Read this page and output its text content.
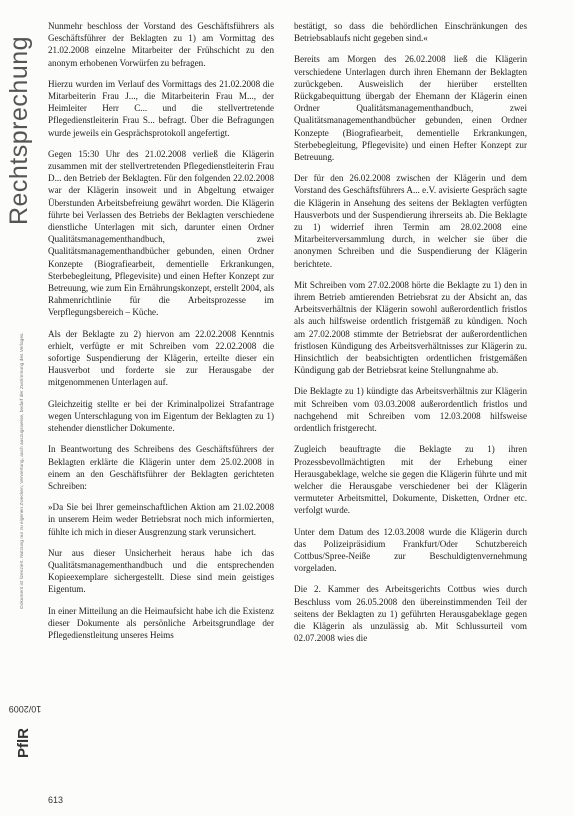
Rechtsprechung
Dokument ist lizenziert. Nutzung nur zu eigenen Zwecken; Verwertung, auch auszugsweise, bedarf der Zustimmung des Verlages.
PflR 10/2009

Nunmehr beschloss der Vorstand des Geschäftsführers als Geschäftsführer der Beklagten zu 1) am Vormittag des 21.02.2008 einzelne Mitarbeiter der Frühschicht zu den anonym erhobenen Vorwürfen zu befragen.

Hierzu wurden im Verlauf des Vormittags des 21.02.2008 die Mitarbeiterin Frau J..., die Mitarbeiterin Frau M..., der Heimleiter Herr C... und die stellvertretende Pflegedienstleiterin Frau S... befragt. Über die Befragungen wurde jeweils ein Gesprächsprotokoll angefertigt.

Gegen 15:30 Uhr des 21.02.2008 verließ die Klägerin zusammen mit der stellvertretenden Pflegedienstleiterin Frau D... den Betrieb der Beklagten. Für den folgenden 22.02.2008 war der Klägerin insoweit und in Abgeltung etwaiger Überstunden Arbeitsbefreiung gewährt worden. Die Klägerin führte bei Verlassen des Betriebs der Beklagten verschiedene dienstliche Unterlagen mit sich, darunter einen Ordner Qualitätsmanagementhandbuch, zwei Qualitätsmanagementhandbücher gebunden, einen Ordner Konzepte (Biografiearbeit, dementielle Erkrankungen, Sterbebegleitung, Pflegevisite) und einen Hefter Konzept zur Betreuung, wie zum Ein Ernährungskonzept, erstellt 2004, als Rahmenrichtlinie für die Arbeitsprozesse im Verpflegungsbereich – Küche.

Als der Beklagte zu 2) hiervon am 22.02.2008 Kenntnis erhielt, verfügte er mit Schreiben vom 22.02.2008 die sofortige Suspendierung der Klägerin, erteilte dieser ein Hausverbot und forderte sie zur Herausgabe der mitgenommenen Unterlagen auf.

Gleichzeitig stellte er bei der Kriminalpolizei Strafantrage wegen Unterschlagung von im Eigentum der Beklagten zu 1) stehender dienstlicher Dokumente.

In Beantwortung des Schreibens des Geschäftsführers der Beklagten erklärte die Klägerin unter dem 25.02.2008 in einem an den Geschäftsführer der Beklagten gerichteten Schreiben:

»Da Sie bei Ihrer gemeinschaftlichen Aktion am 21.02.2008 in unserem Heim weder Betriebsrat noch mich informierten, fühlte ich mich in dieser Ausgrenzung stark verunsichert.

Nur aus dieser Unsicherheit heraus habe ich das Qualitätsmanagementhandbuch und die entsprechenden Kopieexemplare sichergestellt. Diese sind mein geistiges Eigentum.

In einer Mitteilung an die Heimaufsicht habe ich die Existenz dieser Dokumente als persönliche Arbeitsgrundlage der Pflegedienstleitung unseres Heims

bestätigt, so dass die behördlichen Einschränkungen des Betriebsablaufs nicht gegeben sind.«

Bereits am Morgen des 26.02.2008 ließ die Klägerin verschiedene Unterlagen durch ihren Ehemann der Beklagten zurückgeben. Ausweislich der hierüber erstellten Rückgabequittung übergab der Ehemann der Klägerin einen Ordner Qualitätsmanagementhandbuch, zwei Qualitätsmanagementhandbücher gebunden, einen Ordner Konzepte (Biografiearbeit, dementielle Erkrankungen, Sterbebegleitung, Pflegevisite) und einen Hefter Konzept zur Betreuung.

Der für den 26.02.2008 zwischen der Klägerin und dem Vorstand des Geschäftsführers A... e.V. avisierte Gespräch sagte die Klägerin in Ansehung des seitens der Beklagten verfügten Hausverbots und der Suspendierung ihrerseits ab. Die Beklagte zu 1) widerrief ihren Termin am 28.02.2008 eine Mitarbeiterversammlung durch, in welcher sie über die anonymen Schreiben und die Suspendierung der Klägerin berichtete.

Mit Schreiben vom 27.02.2008 hörte die Beklagte zu 1) den in ihrem Betrieb amtierenden Betriebsrat zu der Absicht an, das Arbeitsverhältnis der Klägerin sowohl außerordentlich fristlos als auch hilfsweise ordentlich fristgemäß zu kündigen. Noch am 27.02.2008 stimmte der Betriebsrat der außerordentlichen fristlosen Kündigung des Arbeitsverhältnisses zur Klägerin zu. Hinsichtlich der beabsichtigten ordentlichen fristgemäßen Kündigung gab der Betriebsrat keine Stellungnahme ab.

Die Beklagte zu 1) kündigte das Arbeitsverhältnis zur Klägerin mit Schreiben vom 03.03.2008 außerordentlich fristlos und nachgehend mit Schreiben vom 12.03.2008 hilfsweise ordentlich fristgerecht.

Zugleich beauftragte die Beklagte zu 1) ihren Prozessbevollmächtigten mit der Erhebung einer Herausgabeklage, welche sie gegen die Klägerin führte und mit welcher die Herausgabe verschiedener bei der Klägerin vermuteter Arbeitsmittel, Dokumente, Disketten, Ordner etc. verfolgt wurde.

Unter dem Datum des 12.03.2008 wurde die Klägerin durch das Polizeipräsidium Frankfurt/Oder Schutzbereich Cottbus/Spree-Neiße zur Beschuldigtenvernehmung vorgeladen.

Die 2. Kammer des Arbeitsgerichts Cottbus wies durch Beschluss vom 26.05.2008 den übereinstimmenden Teil der seitens der Beklagten zu 1) geführten Herausgabeklage gegen die Klägerin als unzulässig ab. Mit Schlussurteil vom 02.07.2008 wies die

613
